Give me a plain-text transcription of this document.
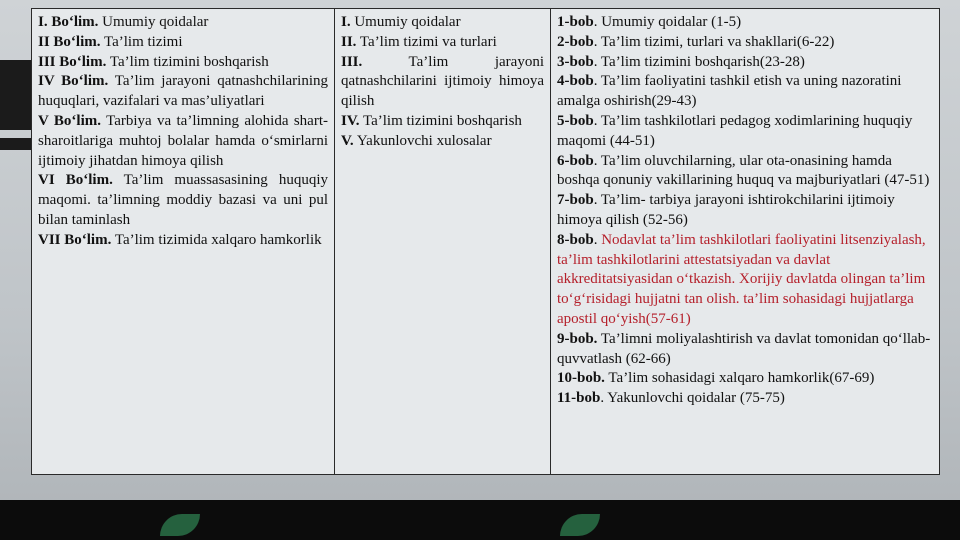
I. Bo‘lim. Umumiy qoidalar
II Bo‘lim. Ta’lim tizimi
III Bo‘lim. Ta’lim tizimini boshqarish
IV Bo‘lim. Ta’lim jarayoni qatnashchilarining huquqlari, vazifalari va mas’uliyatlari
V Bo‘lim. Tarbiya va ta’limning alohida shart-sharoitlariga muhtoj bolalar hamda o‘smirlarni ijtimoiy jihatdan himoya qilish
VI Bo‘lim. Ta’lim muassasasining huquqiy maqomi. ta’limning moddiy bazasi va uni pul bilan taminlash
VII Bo‘lim. Ta’lim tizimida xalqaro hamkorlik

I. Umumiy qoidalar
II. Ta’lim tizimi va turlari
III. Ta’lim jarayoni qatnashchilarini ijtimoiy himoya qilish
IV. Ta’lim tizimini boshqarish
V. Yakunlovchi xulosalar

1-bob. Umumiy qoidalar (1-5)
2-bob. Ta’lim tizimi, turlari va shakllari(6-22)
3-bob. Ta’lim tizimini boshqarish(23-28)
4-bob. Ta’lim faoliyatini tashkil etish va uning nazoratini amalga oshirish(29-43)
5-bob. Ta’lim tashkilotlari pedagog xodimlarining huquqiy maqomi (44-51)
6-bob. Ta’lim oluvchilarning, ular ota-onasining hamda boshqa qonuniy vakillarining huquq va majburiyatlari (47-51)
7-bob. Ta’lim- tarbiya jarayoni ishtirokchilarini ijtimoiy himoya qilish (52-56)
8-bob. Nodavlat ta’lim tashkilotlari faoliyatini litsenziyalash, ta’lim tashkilotlarini attestatsiyadan va davlat akkreditatsiyasidan o‘tkazish. Xorijiy davlatda olingan ta’lim to‘g‘risidagi hujjatni tan olish. ta’lim sohasidagi hujjatlarga apostil qo‘yish(57-61)
9-bob. Ta’limni moliyalashtirish va davlat tomonidan qo‘llab-quvvatlash (62-66)
10-bob. Ta’lim sohasidagi xalqaro hamkorlik(67-69)
11-bob. Yakunlovchi qoidalar (75-75)
